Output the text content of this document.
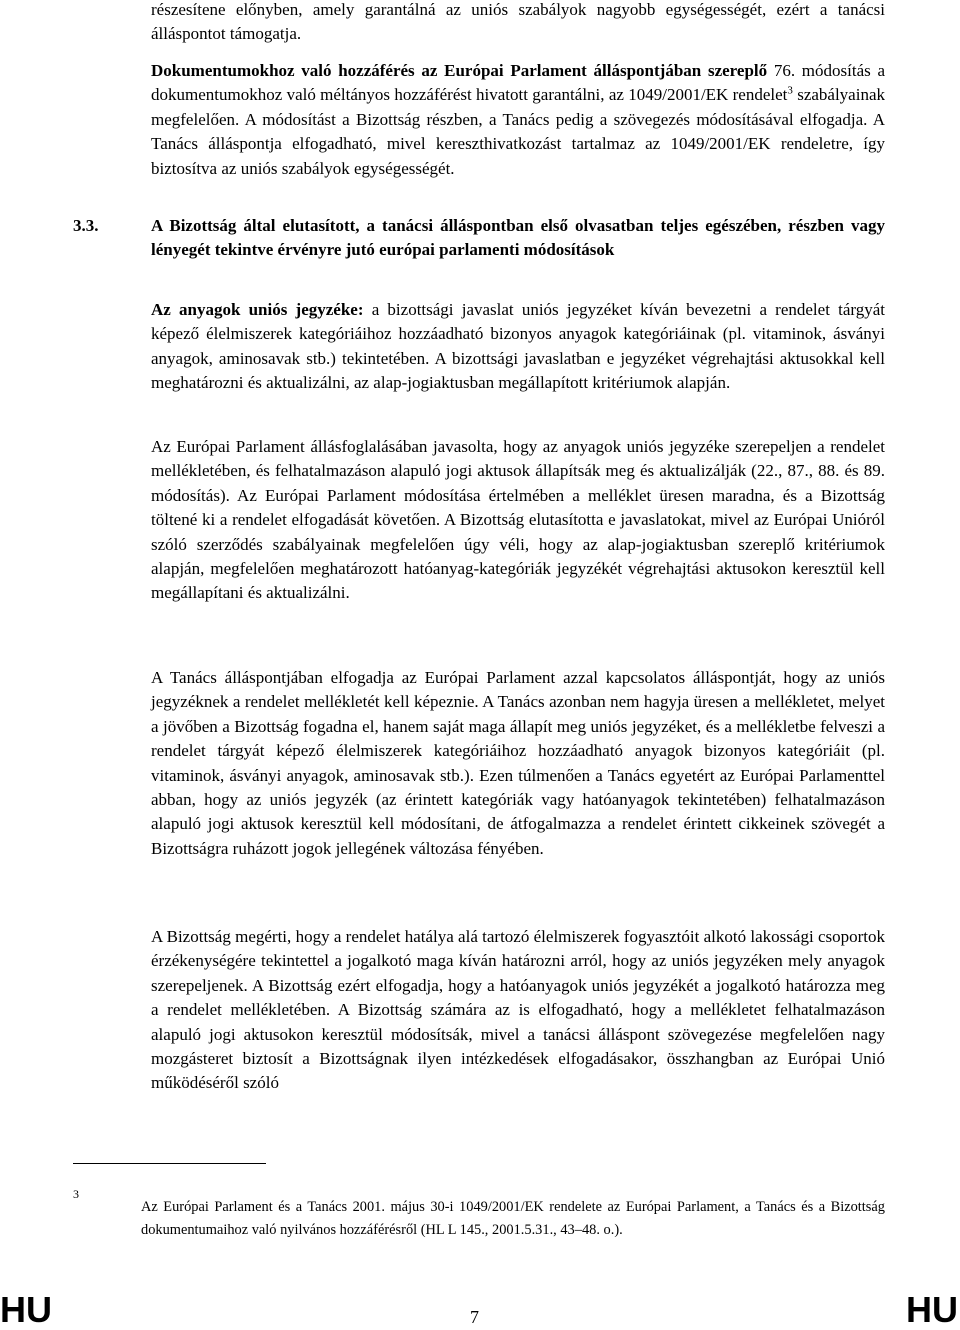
részesítene előnyben, amely garantálná az uniós szabályok nagyobb egységességét, ezért a tanácsi álláspontot támogatja.

Dokumentumokhoz való hozzáférés az Európai Parlament álláspontjában szereplő 76. módosítás a dokumentumokhoz való méltányos hozzáférést hivatott garantálni, az 1049/2001/EK rendelet$^3$ szabályainak megfelelően. A módosítást a Bizottság részben, a Tanács pedig a szövegezés módosításával elfogadja. A Tanács álláspontja elfogadható, mivel kereszthivatkozást tartalmaz az 1049/2001/EK rendeletre, így biztosítva az uniós szabályok egységességét.

3.3.	A Bizottság által elutasított, a tanácsi álláspontban első olvasatban teljes egészében, részben vagy lényegét tekintve érvényre jutó európai parlamenti módosítások

Az anyagok uniós jegyzéke: a bizottsági javaslat uniós jegyzéket kíván bevezetni a rendelet tárgyát képező élelmiszerek kategóriáihoz hozzáadható bizonyos anyagok kategóriáinak (pl. vitaminok, ásványi anyagok, aminosavak stb.) tekintetében. A bizottsági javaslatban e jegyzéket végrehajtási aktusokkal kell meghatározni és aktualizálni, az alap-jogiaktusban megállapított kritériumok alapján.

Az Európai Parlament állásfoglalásában javasolta, hogy az anyagok uniós jegyzéke szerepeljen a rendelet mellékletében, és felhatalmazáson alapuló jogi aktusok állapítsák meg és aktualizálják (22., 87., 88. és 89. módosítás). Az Európai Parlament módosítása értelmében a melléklet üresen maradna, és a Bizottság töltené ki a rendelet elfogadását követően. A Bizottság elutasította e javaslatokat, mivel az Európai Unióról szóló szerződés szabályainak megfelelően úgy véli, hogy az alap-jogiaktusban szereplő kritériumok alapján, megfelelően meghatározott hatóanyag-kategóriák jegyzékét végrehajtási aktusokon keresztül kell megállapítani és aktualizálni.

A Tanács álláspontjában elfogadja az Európai Parlament azzal kapcsolatos álláspontját, hogy az uniós jegyzéknek a rendelet mellékletét kell képeznie. A Tanács azonban nem hagyja üresen a mellékletet, melyet a jövőben a Bizottság fogadna el, hanem saját maga állapít meg uniós jegyzéket, és a mellékletbe felveszi a rendelet tárgyát képező élelmiszerek kategóriáihoz hozzáadható anyagok bizonyos kategóriáit (pl. vitaminok, ásványi anyagok, aminosavak stb.). Ezen túlmenően a Tanács egyetért az Európai Parlamenttel abban, hogy az uniós jegyzék (az érintett kategóriák vagy hatóanyagok tekintetében) felhatalmazáson alapuló jogi aktusok keresztül kell módosítani, de átfogalmazza a rendelet érintett cikkeinek szövegét a Bizottságra ruházott jogok jellegének változása fényében.

A Bizottság megérti, hogy a rendelet hatálya alá tartozó élelmiszerek fogyasztóit alkotó lakossági csoportok érzékenységére tekintettel a jogalkotó maga kíván határozni arról, hogy az uniós jegyzéken mely anyagok szerepeljenek. A Bizottság ezért elfogadja, hogy a hatóanyagok uniós jegyzékét a jogalkotó határozza meg a rendelet mellékletében. A Bizottság számára az is elfogadható, hogy a mellékletet felhatalmazáson alapuló jogi aktusokon keresztül módosítsák, mivel a tanácsi álláspont szövegezése megfelelően nagy mozgásteret biztosít a Bizottságnak ilyen intézkedések elfogadásakor, összhangban az Európai Unió működéséről szóló

3
Az Európai Parlament és a Tanács 2001. május 30-i 1049/2001/EK rendelete az Európai Parlament, a Tanács és a Bizottság dokumentumaihoz való nyilvános hozzáférésről (HL L 145., 2001.5.31., 43–48. o.).
HU	7	HU
